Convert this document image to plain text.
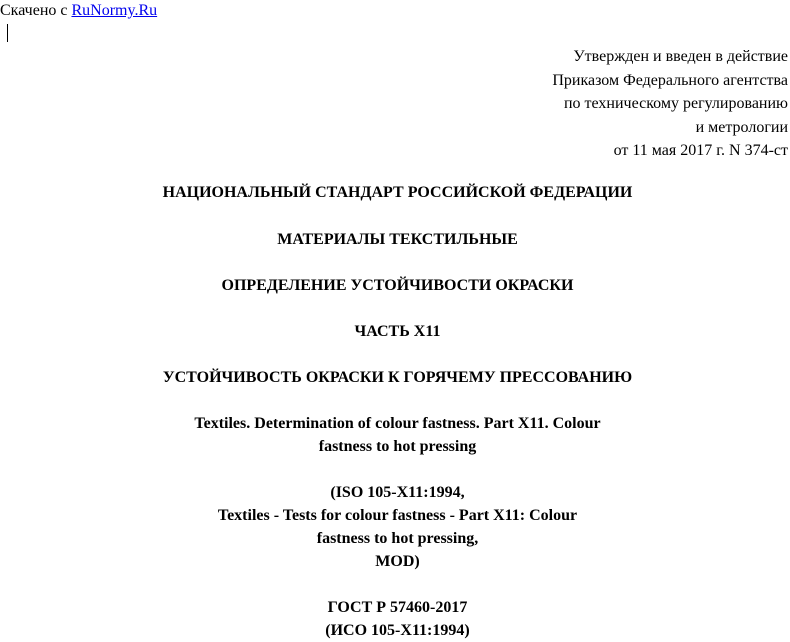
Скачено с RuNormy.Ru
Утвержден и введен в действие
Приказом Федерального агентства
по техническому регулированию
и метрологии
от 11 мая 2017 г. N 374-ст
НАЦИОНАЛЬНЫЙ СТАНДАРТ РОССИЙСКОЙ ФЕДЕРАЦИИ
МАТЕРИАЛЫ ТЕКСТИЛЬНЫЕ
ОПРЕДЕЛЕНИЕ УСТОЙЧИВОСТИ ОКРАСКИ
ЧАСТЬ X11
УСТОЙЧИВОСТЬ ОКРАСКИ К ГОРЯЧЕМУ ПРЕССОВАНИЮ
Textiles. Determination of colour fastness. Part X11. Colour
fastness to hot pressing
(ISO 105-X11:1994,
Textiles - Tests for colour fastness - Part X11: Colour
fastness to hot pressing,
MOD)
ГОСТ Р 57460-2017
(ИСО 105-X11:1994)
